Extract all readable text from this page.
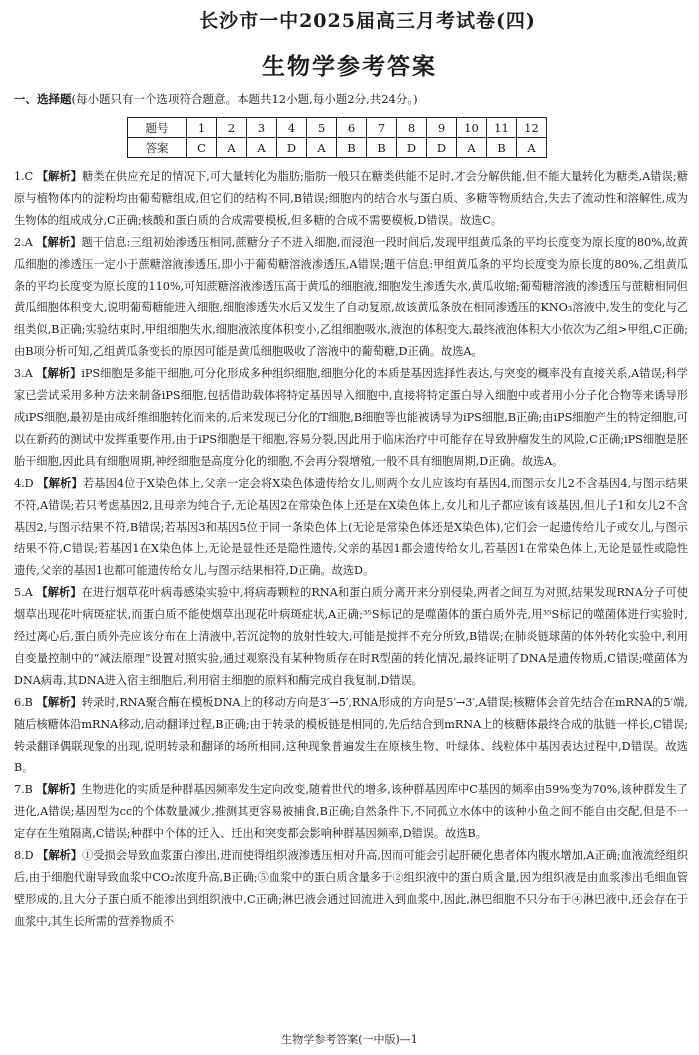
长沙市一中2025届高三月考试卷(四)
生物学参考答案
一、选择题(每小题只有一个选项符合题意。本题共12小题,每小题2分,共24分。)
题号	1	2	3	4	5	6	7	8	9	10	11	12
答案	C	A	A	D	A	B	B	D	D	A	B	A

1.C 【解析】糖类在供应充足的情况下,可大量转化为脂肪;脂肪一般只在糖类供能不足时,才会分解供能,但不能大量转化为糖类,A错误;糖原与植物体内的淀粉均由葡萄糖组成,但它们的结构不同,B错误;细胞内的结合水与蛋白质、多糖等物质结合,失去了流动性和溶解性,成为生物体的组成成分,C正确;核酸和蛋白质的合成需要模板,但多糖的合成不需要模板,D错误。故选C。

2.A 【解析】题干信息:三组初始渗透压相同,蔗糖分子不进入细胞,而浸泡一段时间后,发现甲组黄瓜条的平均长度变为原长度的80%,故黄瓜细胞的渗透压一定小于蔗糖溶液渗透压,即小于葡萄糖溶液渗透压,A错误;题干信息:甲组黄瓜条的平均长度变为原长度的80%,乙组黄瓜条的平均长度变为原长度的110%,可知蔗糖溶液渗透压高于黄瓜的细胞液,细胞发生渗透失水,黄瓜收缩;葡萄糖溶液的渗透压与蔗糖相同但黄瓜细胞体积变大,说明葡萄糖能进入细胞,细胞渗透失水后又发生了自动复原,故该黄瓜条放在相同渗透压的KNO₃溶液中,发生的变化与乙组类似,B正确;实验结束时,甲组细胞失水,细胞液浓度体积变小,乙组细胞吸水,液泡的体积变大,最终液泡体积大小依次为乙组>甲组,C正确;由B项分析可知,乙组黄瓜条变长的原因可能是黄瓜细胞吸收了溶液中的葡萄糖,D正确。故选A。

3.A 【解析】iPS细胞是多能干细胞,可分化形成多种组织细胞,细胞分化的本质是基因选择性表达,与突变的概率没有直接关系,A错误;科学家已尝试采用多种方法来制备iPS细胞,包括借助载体将特定基因导入细胞中,直接将特定蛋白导入细胞中或者用小分子化合物等来诱导形成iPS细胞,最初是由成纤维细胞转化而来的,后来发现已分化的T细胞,B细胞等也能被诱导为iPS细胞,B正确;由iPS细胞产生的特定细胞,可以在新药的测试中发挥重要作用,由于iPS细胞是干细胞,容易分裂,因此用于临床治疗中可能存在导致肿瘤发生的风险,C正确;iPS细胞是胚胎干细胞,因此具有细胞周期,神经细胞是高度分化的细胞,不会再分裂增殖,一般不具有细胞周期,D正确。故选A。

4.D 【解析】若基因4位于X染色体上,父亲一定会将X染色体遗传给女儿,则两个女儿应该均有基因4,而图示女儿2不含基因4,与图示结果不符,A错误;若只考虑基因2,且母亲为纯合子,无论基因2在常染色体上还是在X染色体上,女儿和儿子都应该有该基因,但儿子1和女儿2不含基因2,与图示结果不符,B错误;若基因3和基因5位于同一条染色体上(无论是常染色体还是X染色体),它们会一起遗传给儿子或女儿,与图示结果不符,C错误;若基因1在X染色体上,无论是显性还是隐性遗传,父亲的基因1都会遗传给女儿,若基因1在常染色体上,无论是显性或隐性遗传,父亲的基因1也都可能遗传给女儿,与图示结果相符,D正确。故选D。

5.A 【解析】在进行烟草花叶病毒感染实验中,将病毒颗粒的RNA和蛋白质分离开来分别侵染,两者之间互为对照,结果发现RNA分子可使烟草出现花叶病斑症状,而蛋白质不能使烟草出现花叶病斑症状,A正确;³⁵S标记的是噬菌体的蛋白质外壳,用³⁵S标记的噬菌体进行实验时,经过离心后,蛋白质外壳应该分布在上清液中,若沉淀物的放射性较大,可能是搅拌不充分所致,B错误;在肺炎链球菌的体外转化实验中,利用自变量控制中的“减法原理”设置对照实验,通过观察没有某种物质存在时R型菌的转化情况,最终证明了DNA是遗传物质,C错误;噬菌体为DNA病毒,其DNA进入宿主细胞后,利用宿主细胞的原料和酶完成自我复制,D错误。

6.B 【解析】转录时,RNA聚合酶在模板DNA上的移动方向是3′→5′,RNA形成的方向是5′→3′,A错误;核糖体会首先结合在mRNA的5′端,随后核糖体沿mRNA移动,启动翻译过程,B正确;由于转录的模板链是相同的,先后结合到mRNA上的核糖体最终合成的肽链一样长,C错误;转录翻译偶联现象的出现,说明转录和翻译的场所相同,这种现象普遍发生在原核生物、叶绿体、线粒体中基因表达过程中,D错误。故选B。

7.B 【解析】生物进化的实质是种群基因频率发生定向改变,随着世代的增多,该种群基因库中C基因的频率由59%变为70%,该种群发生了进化,A错误;基因型为cc的个体数量减少,推测其更容易被捕食,B正确;自然条件下,不同孤立水体中的该种小鱼之间不能自由交配,但是不一定存在生殖隔离,C错误;种群中个体的迁入、迁出和突变都会影响种群基因频率,D错误。故选B。

8.D 【解析】①受损会导致血浆蛋白渗出,进而使得组织液渗透压相对升高,因而可能会引起肝硬化患者体内腹水增加,A正确;血液流经组织后,由于细胞代谢导致血浆中CO₂浓度升高,B正确;⑤血浆中的蛋白质含量多于②组织液中的蛋白质含量,因为组织液是由血浆渗出毛细血管壁形成的,且大分子蛋白质不能渗出到组织液中,C正确;淋巴液会通过回流进入到血浆中,因此,淋巴细胞不只分布于④淋巴液中,还会存在于血浆中,其生长所需的营养物质不

生物学参考答案(一中版)—1
